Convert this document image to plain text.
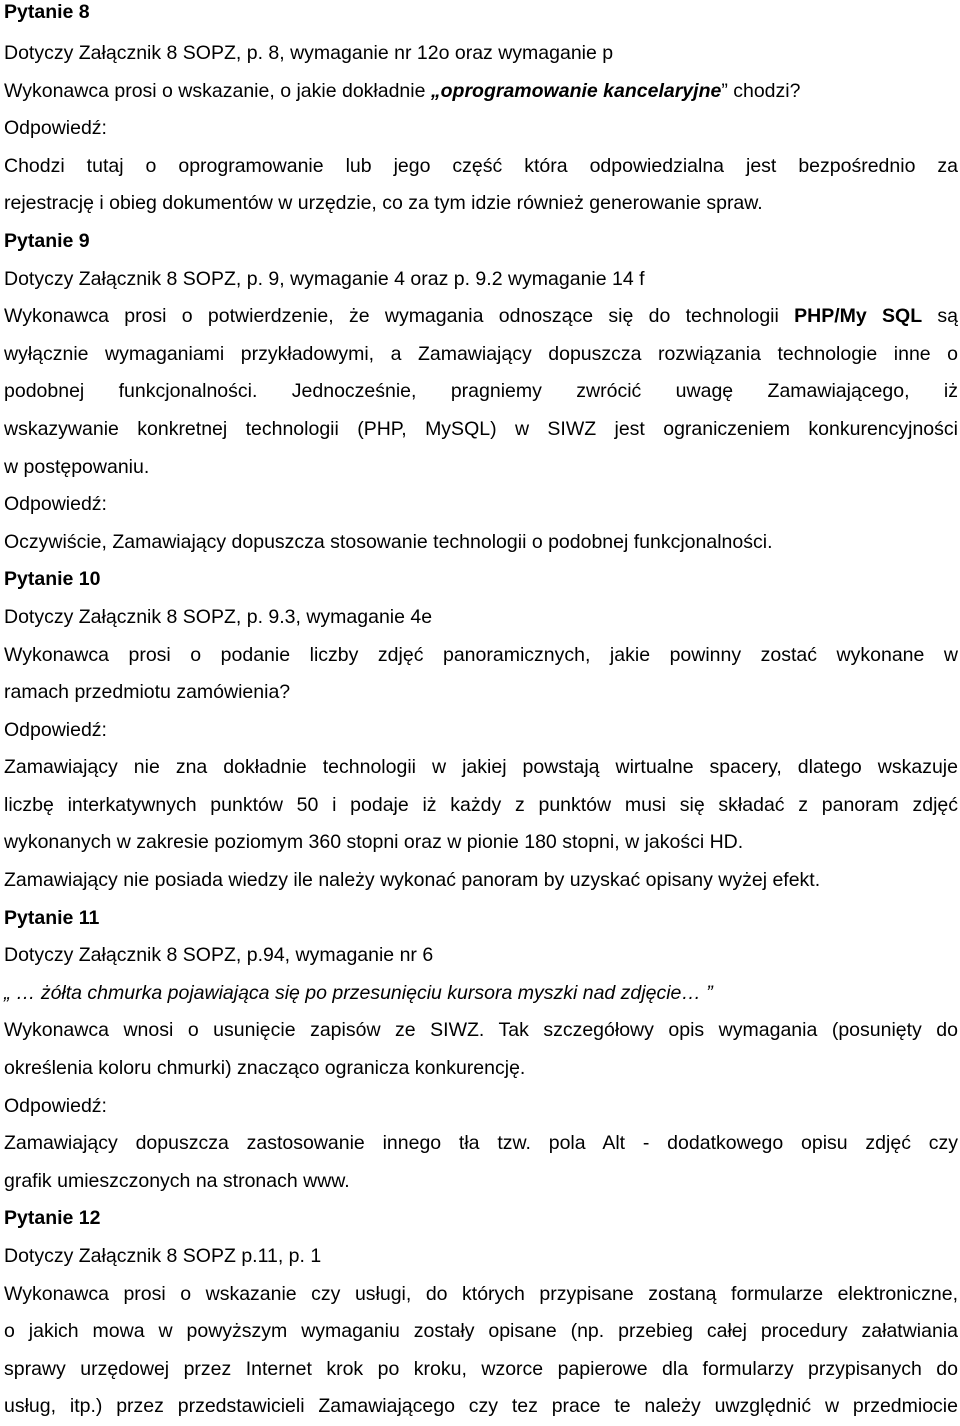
Pytanie 8
Dotyczy Załącznik 8 SOPZ, p. 8, wymaganie nr 12o oraz wymaganie p
Wykonawca prosi o wskazanie, o jakie dokładnie „oprogramowanie kancelaryjne” chodzi?
Odpowiedź:
Chodzi tutaj o oprogramowanie lub jego część która odpowiedzialna jest bezpośrednio za
rejestrację i obieg dokumentów w urzędzie, co za tym idzie również generowanie spraw.
Pytanie 9
Dotyczy Załącznik 8 SOPZ, p. 9, wymaganie 4 oraz p. 9.2 wymaganie 14 f
Wykonawca prosi o potwierdzenie, że wymagania odnoszące się do technologii PHP/My SQL są
wyłącznie wymaganiami przykładowymi, a Zamawiający dopuszcza rozwiązania technologie inne o
podobnej funkcjonalności. Jednocześnie, pragniemy zwrócić uwagę Zamawiającego, iż
wskazywanie konkretnej technologii (PHP, MySQL) w SIWZ jest ograniczeniem konkurencyjności
w postępowaniu.
Odpowiedź:
Oczywiście, Zamawiający dopuszcza stosowanie technologii o podobnej funkcjonalności.
Pytanie 10
Dotyczy Załącznik 8 SOPZ, p. 9.3, wymaganie 4e
Wykonawca prosi o podanie liczby zdjęć panoramicznych, jakie powinny zostać wykonane w
ramach przedmiotu zamówienia?
Odpowiedź:
Zamawiający nie zna dokładnie technologii w jakiej powstają wirtualne spacery, dlatego wskazuje
liczbę interkatywnych punktów 50 i podaje iż każdy z punktów musi się składać z panoram zdjęć
wykonanych w zakresie poziomym 360 stopni oraz w pionie 180 stopni, w jakości HD.
Zamawiający nie posiada wiedzy ile należy wykonać panoram by uzyskać opisany wyżej efekt.
Pytanie 11
Dotyczy Załącznik 8 SOPZ, p.94, wymaganie nr 6
„ … żółta chmurka pojawiająca się po przesunięciu kursora myszki nad zdjęcie… ”
Wykonawca wnosi o usunięcie zapisów ze SIWZ. Tak szczegółowy opis wymagania (posunięty do
określenia koloru chmurki) znacząco ogranicza konkurencję.
Odpowiedź:
Zamawiający dopuszcza zastosowanie innego tła tzw. pola Alt - dodatkowego opisu zdjęć czy
grafik umieszczonych na stronach www.
Pytanie 12
Dotyczy Załącznik 8 SOPZ p.11, p. 1
Wykonawca prosi o wskazanie czy usługi, do których przypisane zostaną formularze elektroniczne,
o jakich mowa w powyższym wymaganiu zostały opisane (np. przebieg całej procedury załatwiania
sprawy urzędowej przez Internet krok po kroku, wzorce papierowe dla formularzy przypisanych do
usług, itp.) przez przedstawicieli Zamawiającego czy tez prace te należy uwzględnić w przedmiocie
